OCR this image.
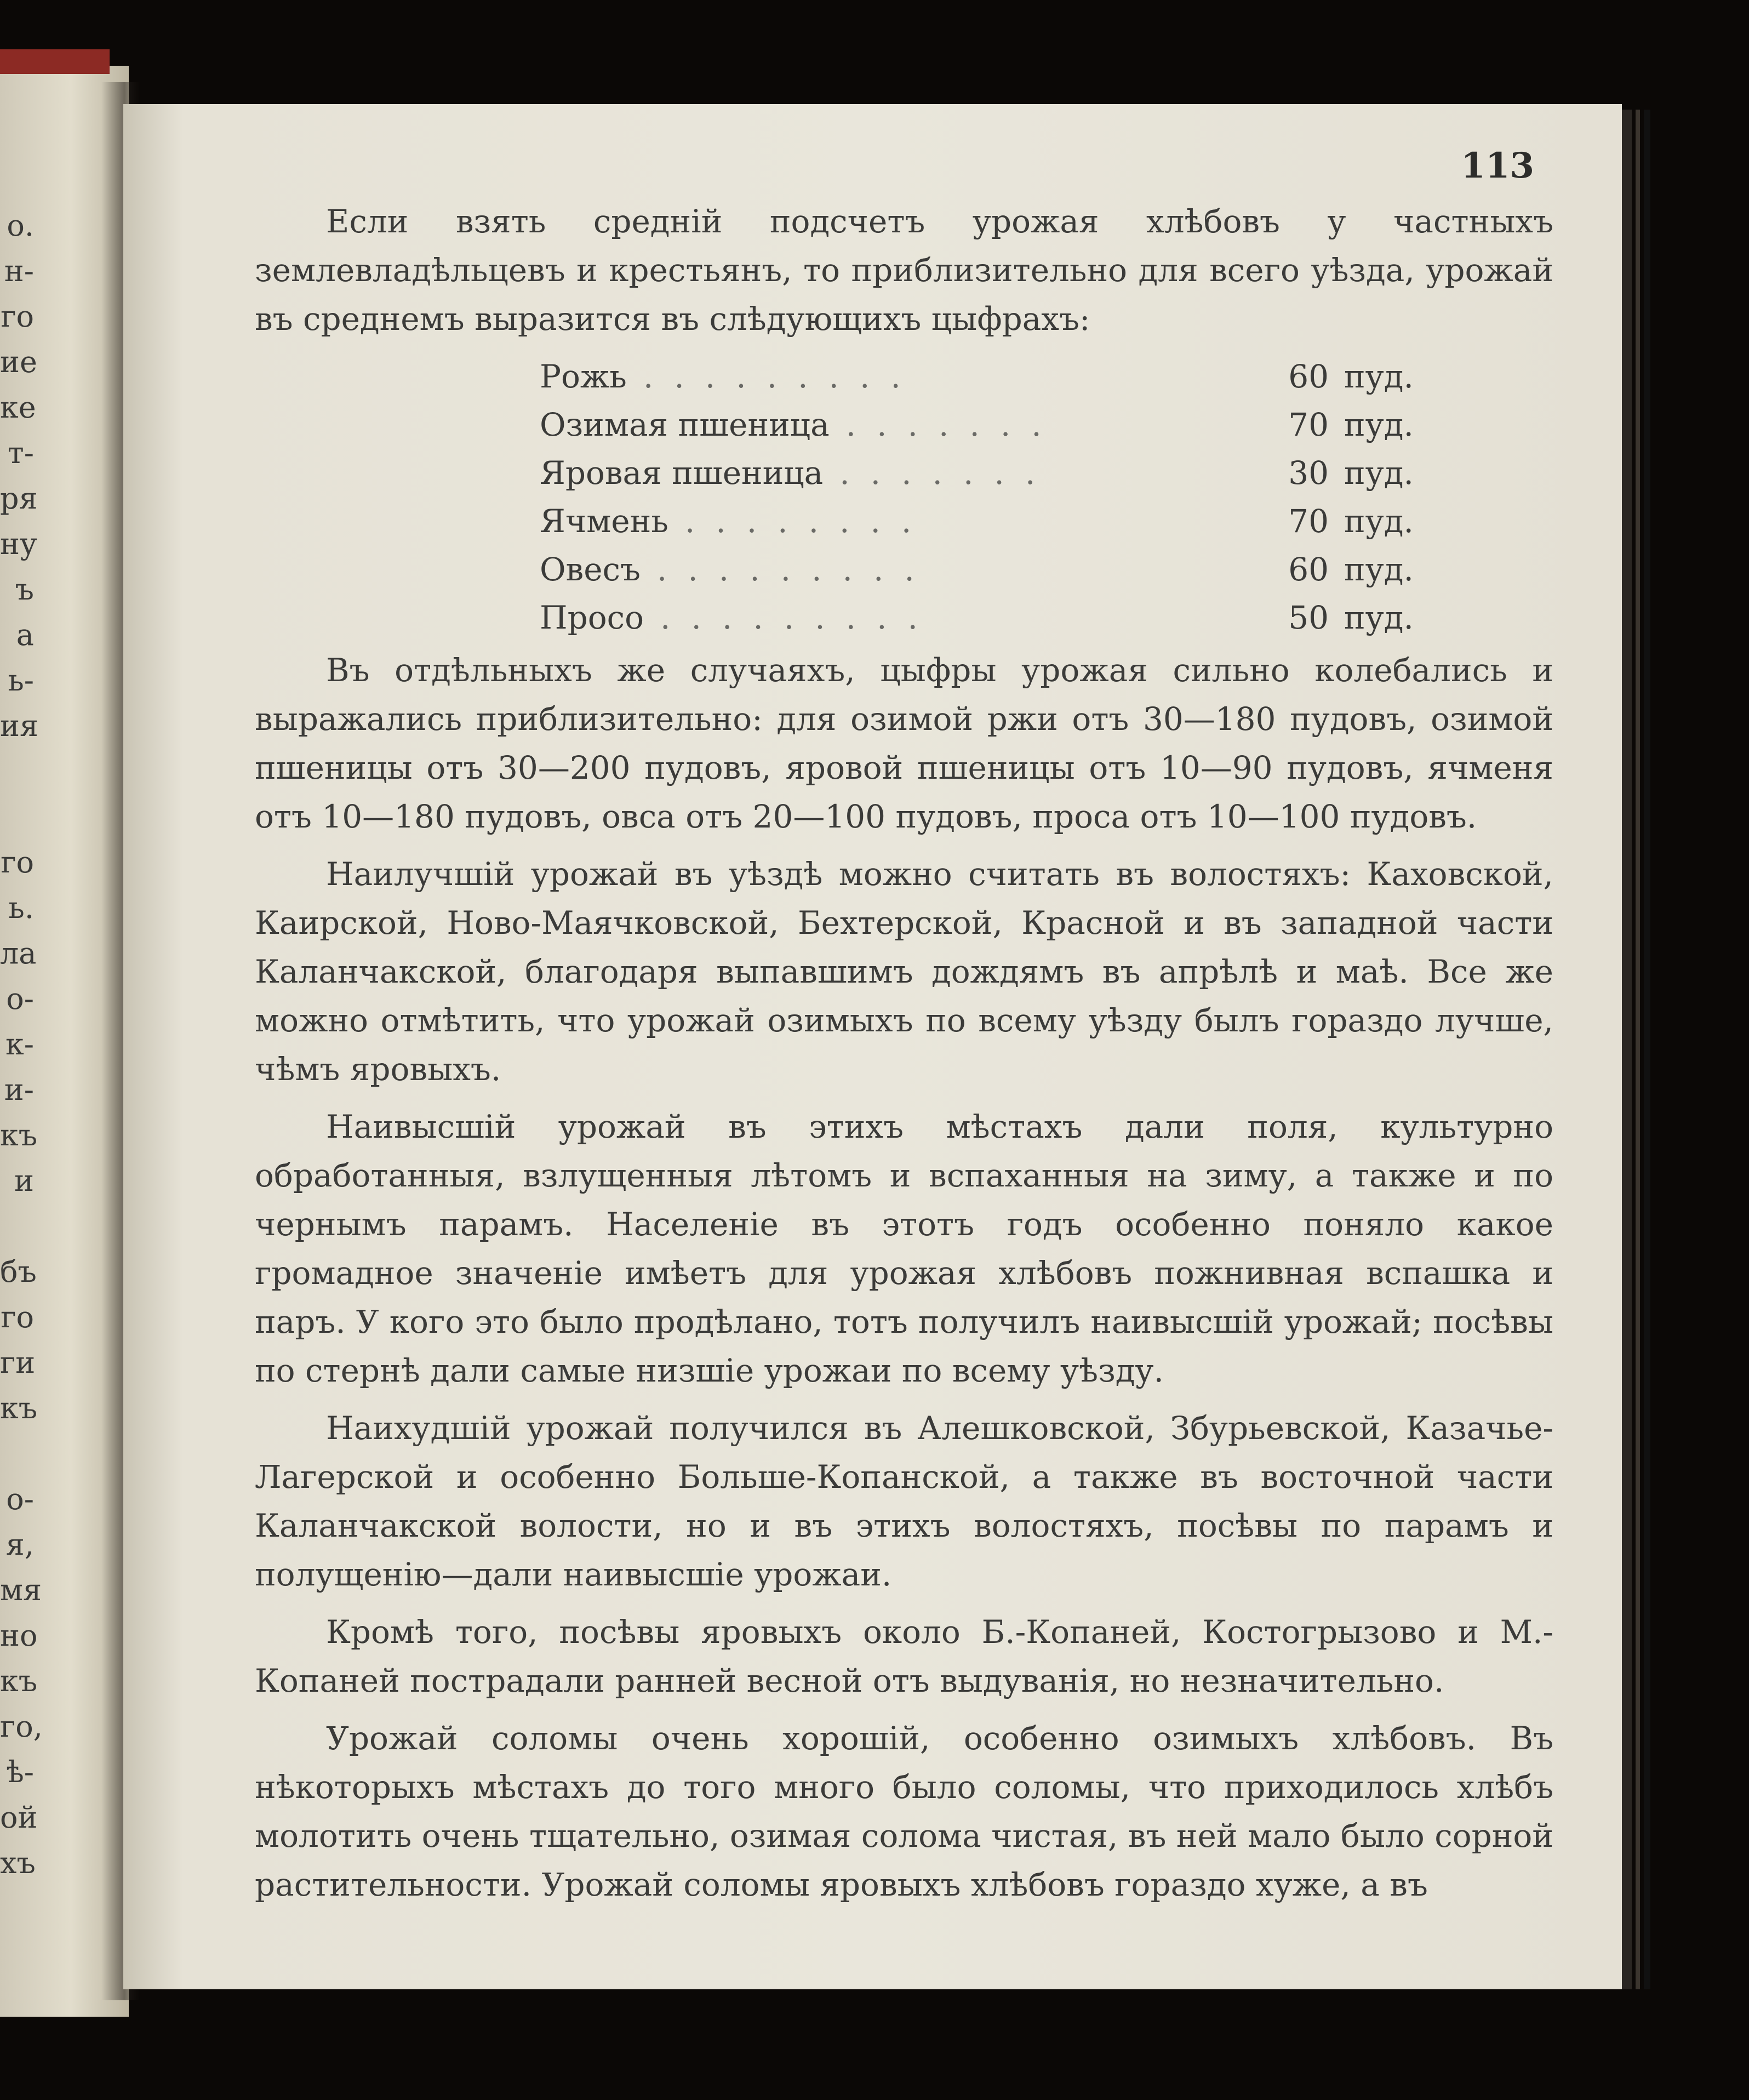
о.
н-
го
ие
ке
т-
ря
ну
ъ
а
ь-
ия

го
ь.
ла
о-
к-
и-
къ
и

бъ
го
ги
къ

о-
я,
мя
но
къ
го,
ѣ-
ой
хъ
113

Если взять среднiй подсчетъ урожая хлѣбовъ у частныхъ землевладѣльцевъ и крестьянъ, то приблизительно для всего уѣзда, урожай въ среднемъ выразится въ слѣдующихъ цыфрахъ:

Рожь .........	60	пуд.
Озимая пшеница .......	70	пуд.
Яровая пшеница .......	30	пуд.
Ячмень ........	70	пуд.
Овесъ .........	60	пуд.
Просо .........	50	пуд.

Въ отдѣльныхъ же случаяхъ, цыфры урожая сильно колебались и выражались приблизительно: для озимой ржи отъ 30—180 пудовъ, озимой пшеницы отъ 30—200 пудовъ, яровой пшеницы отъ 10—90 пудовъ, ячменя отъ 10—180 пудовъ, овса отъ 20—100 пудовъ, проса отъ 10—100 пудовъ.

Наилучшiй урожай въ уѣздѣ можно считать въ волостяхъ: Каховской, Каирской, Ново-Маячковской, Бехтерской, Красной и въ западной части Каланчакской, благодаря выпавшимъ дождямъ въ апрѣлѣ и маѣ. Все же можно отмѣтить, что урожай озимыхъ по всему уѣзду былъ гораздо лучше, чѣмъ яровыхъ.

Наивысшiй урожай въ этихъ мѣстахъ дали поля, культурно обработанныя, взлущенныя лѣтомъ и вспаханныя на зиму, а также и по чернымъ парамъ. Населенiе въ этотъ годъ особенно поняло какое громадное значенiе имѣетъ для урожая хлѣбовъ пожнивная вспашка и паръ. У кого это было продѣлано, тотъ получилъ наивысшiй урожай; посѣвы по стернѣ дали самые низшiе урожаи по всему уѣзду.

Наихудшiй урожай получился въ Алешковской, Збурьевской, Казачье-Лагерской и особенно Больше-Копанской, а также въ восточной части Каланчакской волости, но и въ этихъ волостяхъ, посѣвы по парамъ и полущенiю—дали наивысшiе урожаи.

Кромѣ того, посѣвы яровыхъ около Б.-Копаней, Костогрызово и М.-Копаней пострадали ранней весной отъ выдуванiя, но незначительно.

Урожай соломы очень хорошiй, особенно озимыхъ хлѣбовъ. Въ нѣкоторыхъ мѣстахъ до того много было соломы, что приходилось хлѣбъ молотить очень тщательно, озимая солома чистая, въ ней мало было сорной растительности. Урожай соломы яровыхъ хлѣбовъ гораздо хуже, а въ
